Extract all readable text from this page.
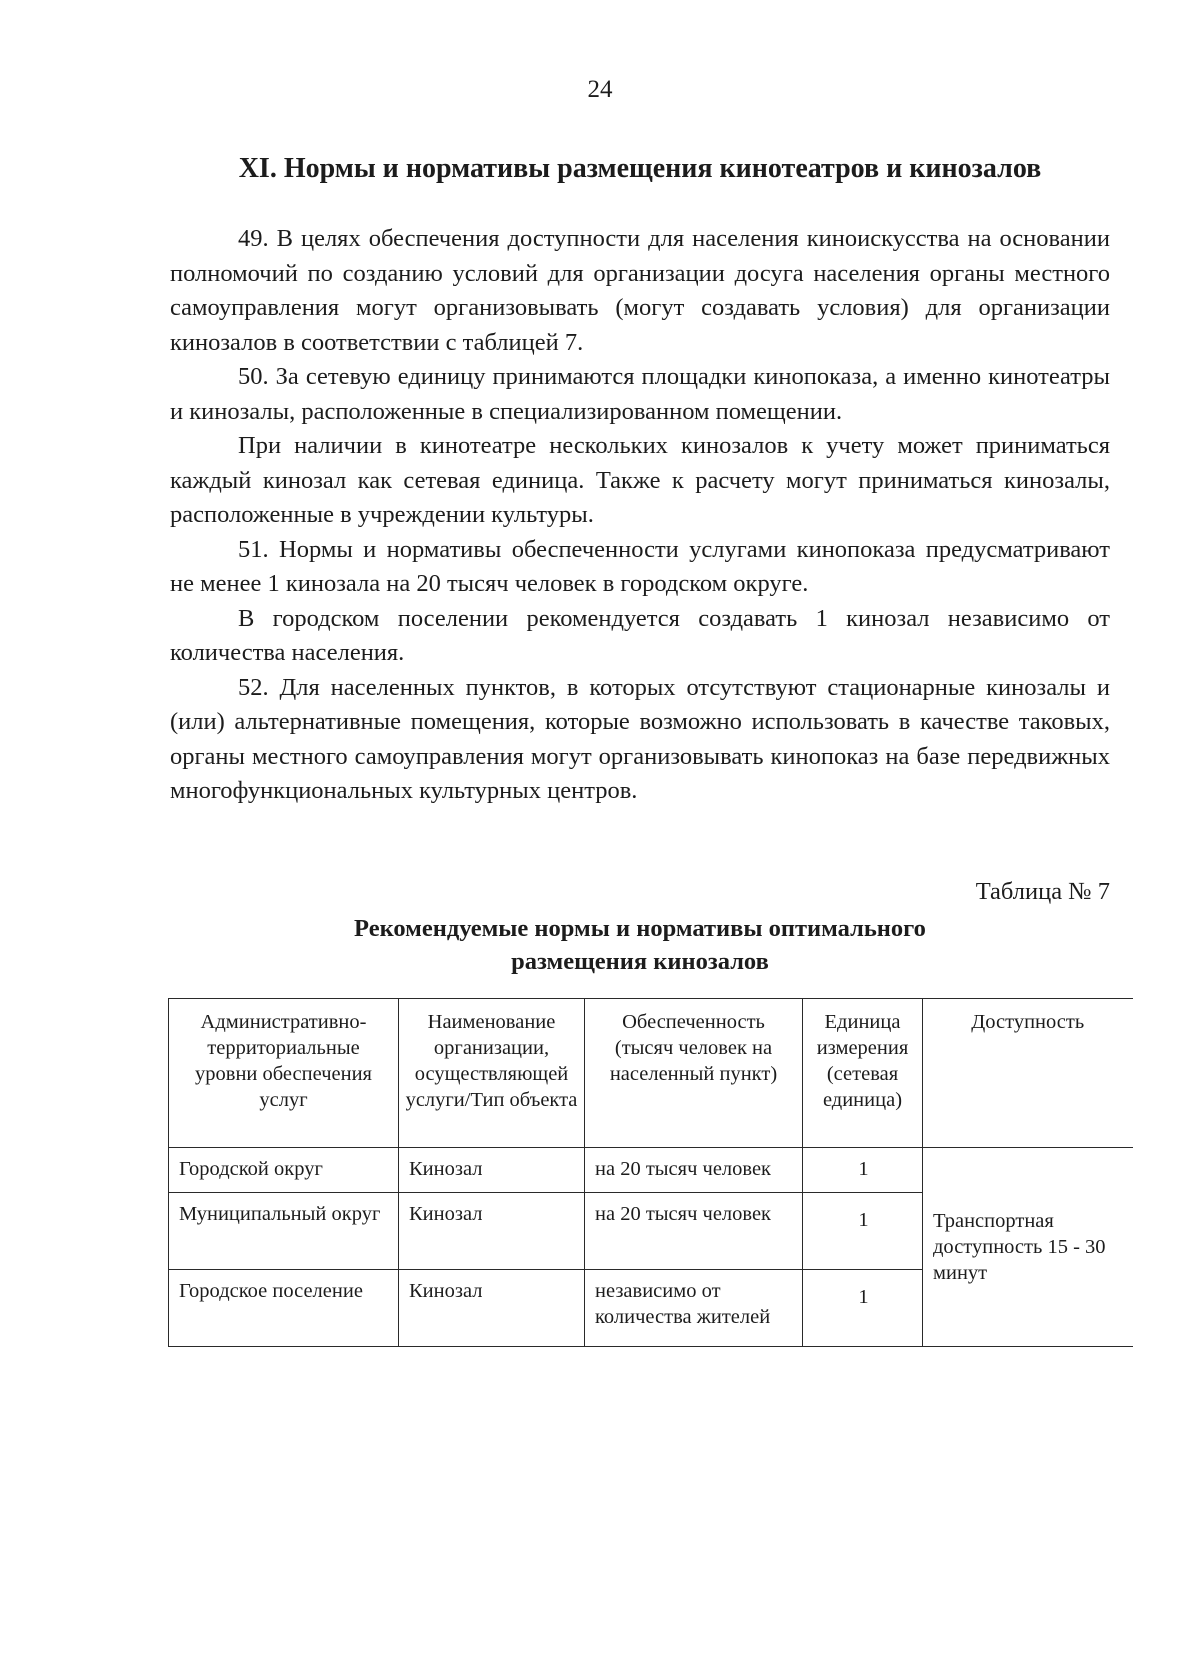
24
XI. Нормы и нормативы размещения кинотеатров и кинозалов

49. В целях обеспечения доступности для населения киноискусства на основании полномочий по созданию условий для организации досуга населения органы местного самоуправления могут организовывать (могут создавать условия) для организации кинозалов в соответствии с таблицей 7.

50. За сетевую единицу принимаются площадки кинопоказа, а именно кинотеатры и кинозалы, расположенные в специализированном помещении.

При наличии в кинотеатре нескольких кинозалов к учету может приниматься каждый кинозал как сетевая единица. Также к расчету могут приниматься кинозалы, расположенные в учреждении культуры.

51. Нормы и нормативы обеспеченности услугами кинопоказа предусматривают не менее 1 кинозала на 20 тысяч человек в городском округе.

В городском поселении рекомендуется создавать 1 кинозал независимо от количества населения.

52. Для населенных пунктов, в которых отсутствуют стационарные кинозалы и (или) альтернативные помещения, которые возможно использовать в качестве таковых, органы местного самоуправления могут организовывать кинопоказ на базе передвижных многофункциональных культурных центров.

Таблица № 7
Рекомендуемые нормы и нормативы оптимального
размещения кинозалов
Административно-территориальные уровни обеспечения услуг	Наименование организации, осуществляющей услуги/Тип объекта	Обеспеченность (тысяч человек на населенный пункт)	Единица измерения (сетевая единица)	Доступность
Городской округ	Кинозал	на 20 тысяч человек	1	Транспортная доступность 15 - 30 минут
Муниципальный округ	Кинозал	на 20 тысяч человек	1	
Городское поселение	Кинозал	независимо от количества жителей	1	
